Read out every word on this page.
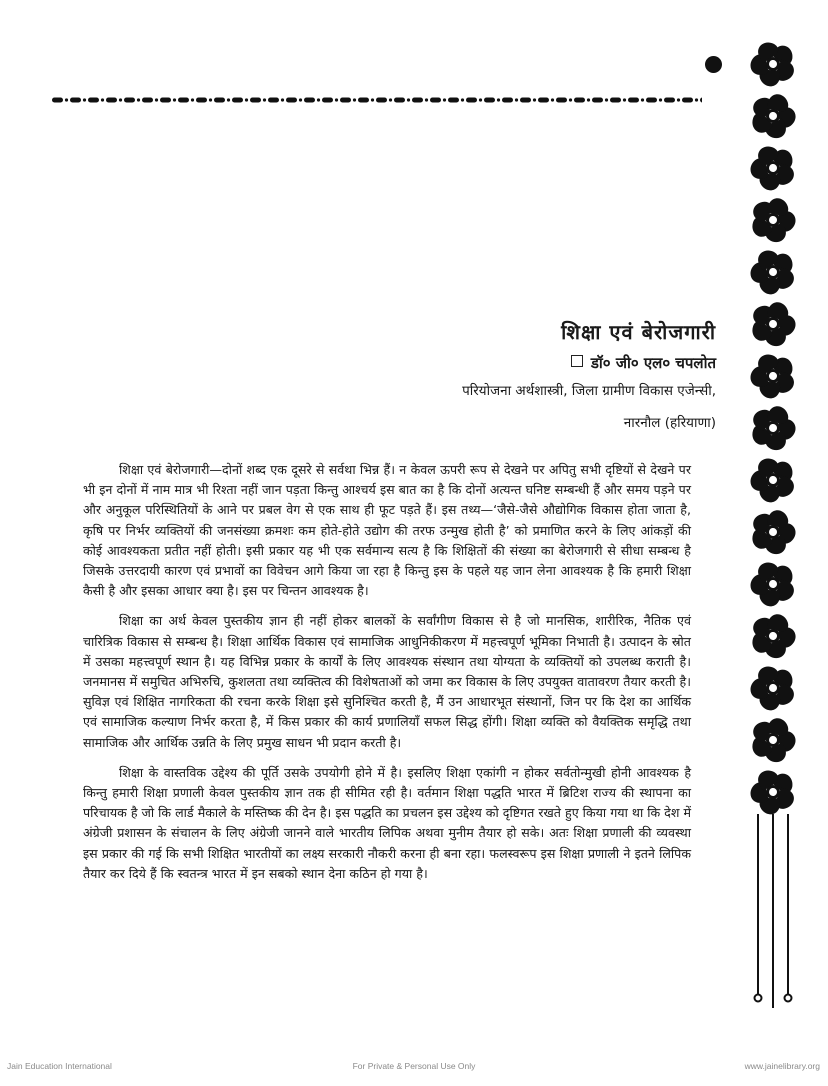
शिक्षा एवं बेरोजगारी
डॉ० जी० एल० चपलोत
परियोजना अर्थशास्त्री, जिला ग्रामीण विकास एजेन्सी,
नारनौल (हरियाणा)

शिक्षा एवं बेरोजगारी—दोनों शब्द एक दूसरे से सर्वथा भिन्न हैं। न केवल ऊपरी रूप से देखने पर अपितु सभी दृष्टियों से देखने पर भी इन दोनों में नाम मात्र भी रिश्ता नहीं जान पड़ता किन्तु आश्चर्य इस बात का है कि दोनों अत्यन्त घनिष्ट सम्बन्धी हैं और समय पड़ने पर और अनुकूल परिस्थितियों के आने पर प्रबल वेग से एक साथ ही फूट पड़ते हैं। इस तथ्य—‘जैसे-जैसे औद्योगिक विकास होता जाता है, कृषि पर निर्भर व्यक्तियों की जनसंख्या क्रमशः कम होते-होते उद्योग की तरफ उन्मुख होती है’ को प्रमाणित करने के लिए आंकड़ों की कोई आवश्यकता प्रतीत नहीं होती। इसी प्रकार यह भी एक सर्वमान्य सत्य है कि शिक्षितों की संख्या का बेरोजगारी से सीधा सम्बन्ध है जिसके उत्तरदायी कारण एवं प्रभावों का विवेचन आगे किया जा रहा है किन्तु इस के पहले यह जान लेना आवश्यक है कि हमारी शिक्षा कैसी है और इसका आधार क्या है। इस पर चिन्तन आवश्यक है।

शिक्षा का अर्थ केवल पुस्तकीय ज्ञान ही नहीं होकर बालकों के सर्वांगीण विकास से है जो मानसिक, शारीरिक, नैतिक एवं चारित्रिक विकास से सम्बन्ध है। शिक्षा आर्थिक विकास एवं सामाजिक आधुनिकीकरण में महत्त्वपूर्ण भूमिका निभाती है। उत्पादन के स्रोत में उसका महत्त्वपूर्ण स्थान है। यह विभिन्न प्रकार के कार्यों के लिए आवश्यक संस्थान तथा योग्यता के व्यक्तियों को उपलब्ध कराती है। जनमानस में समुचित अभिरुचि, कुशलता तथा व्यक्तित्व की विशेषताओं को जमा कर विकास के लिए उपयुक्त वातावरण तैयार करती है। सुविज्ञ एवं शिक्षित नागरिकता की रचना करके शिक्षा इसे सुनिश्चित करती है, मैं उन आधारभूत संस्थानों, जिन पर कि देश का आर्थिक एवं सामाजिक कल्याण निर्भर करता है, में किस प्रकार की कार्य प्रणालियाँ सफल सिद्ध होंगी। शिक्षा व्यक्ति को वैयक्तिक समृद्धि तथा सामाजिक और आर्थिक उन्नति के लिए प्रमुख साधन भी प्रदान करती है।

शिक्षा के वास्तविक उद्देश्य की पूर्ति उसके उपयोगी होने में है। इसलिए शिक्षा एकांगी न होकर सर्वतोन्मुखी होनी आवश्यक है किन्तु हमारी शिक्षा प्रणाली केवल पुस्तकीय ज्ञान तक ही सीमित रही है। वर्तमान शिक्षा पद्धति भारत में ब्रिटिश राज्य की स्थापना का परिचायक है जो कि लार्ड मैकाले के मस्तिष्क की देन है। इस पद्धति का प्रचलन इस उद्देश्य को दृष्टिगत रखते हुए किया गया था कि देश में अंग्रेजी प्रशासन के संचालन के लिए अंग्रेजी जानने वाले भारतीय लिपिक अथवा मुनीम तैयार हो सके। अतः शिक्षा प्रणाली की व्यवस्था इस प्रकार की गई कि सभी शिक्षित भारतीयों का लक्ष्य सरकारी नौकरी करना ही बना रहा। फलस्वरूप इस शिक्षा प्रणाली ने इतने लिपिक तैयार कर दिये हैं कि स्वतन्त्र भारत में इन सबको स्थान देना कठिन हो गया है।

Jain Education International	For Private & Personal Use Only	www.jainelibrary.org
